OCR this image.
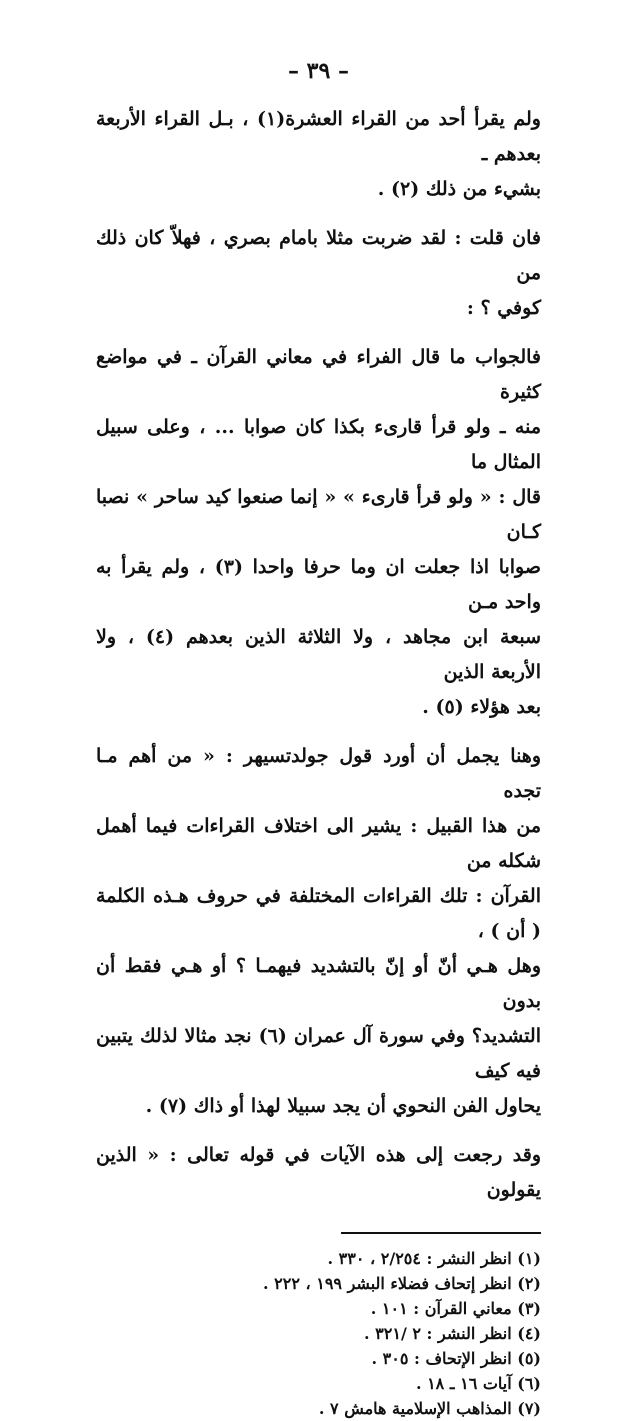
– ٣٩ –

ولم يقرأ أحد من القراء العشرة(١) ، بـل القراء الأربعة بعدهم ـ
بشيء من ذلك (٢) .

فان قلت : لقد ضربت مثلا بامام بصري ، فهلاّ كان ذلك من
كوفي ؟ :

فالجواب ما قال الفراء في معاني القرآن ـ في مواضع كثيرة
منه ـ ولو قرأ قارىء بكذا كان صوابا ... ، وعلى سبيل المثال ما
قال : « ولو قرأ قارىء » « إنما صنعوا كيد ساحر » نصبا كـان
صوابا اذا جعلت ان وما حرفا واحدا (٣) ، ولم يقرأ به واحد مـن
سبعة ابن مجاهد ، ولا الثلاثة الذين بعدهم (٤) ، ولا الأربعة الذين
بعد هؤلاء (٥) .

وهنا يجمل أن أورد قول جولدتسيهر : « من أهم مـا تجده
من هذا القبيل : يشير الى اختلاف القراءات فيما أهمل شكله من
القرآن : تلك القراءات المختلفة في حروف هـذه الكلمة ( أن ) ،
وهل هـي أنّ أو إنّ بالتشديد فيهمـا ؟ أو هـي فقط أن بدون
التشديد؟ وفي سورة آل عمران (٦) نجد مثالا لذلك يتبين فيه كيف
يحاول الفن النحوي أن يجد سبيلا لهذا أو ذاك (٧) .

وقد رجعت إلى هذه الآيات في قوله تعالى : « الذين يقولون

(١) انظر النشر : ٢/٢٥٤ ، ٣٣٠ .
(٢) انظر إتحاف فضلاء البشر ١٩٩ ، ٢٢٢ .
(٣) معاني القرآن : ١٠١ .
(٤) انظر النشر : ٢ /٣٢١ .
(٥) انظر الإتحاف : ٣٠٥ .
(٦) آيات ١٦ ـ ١٨ .
(٧) المذاهب الإسلامية هامش ٧ .
